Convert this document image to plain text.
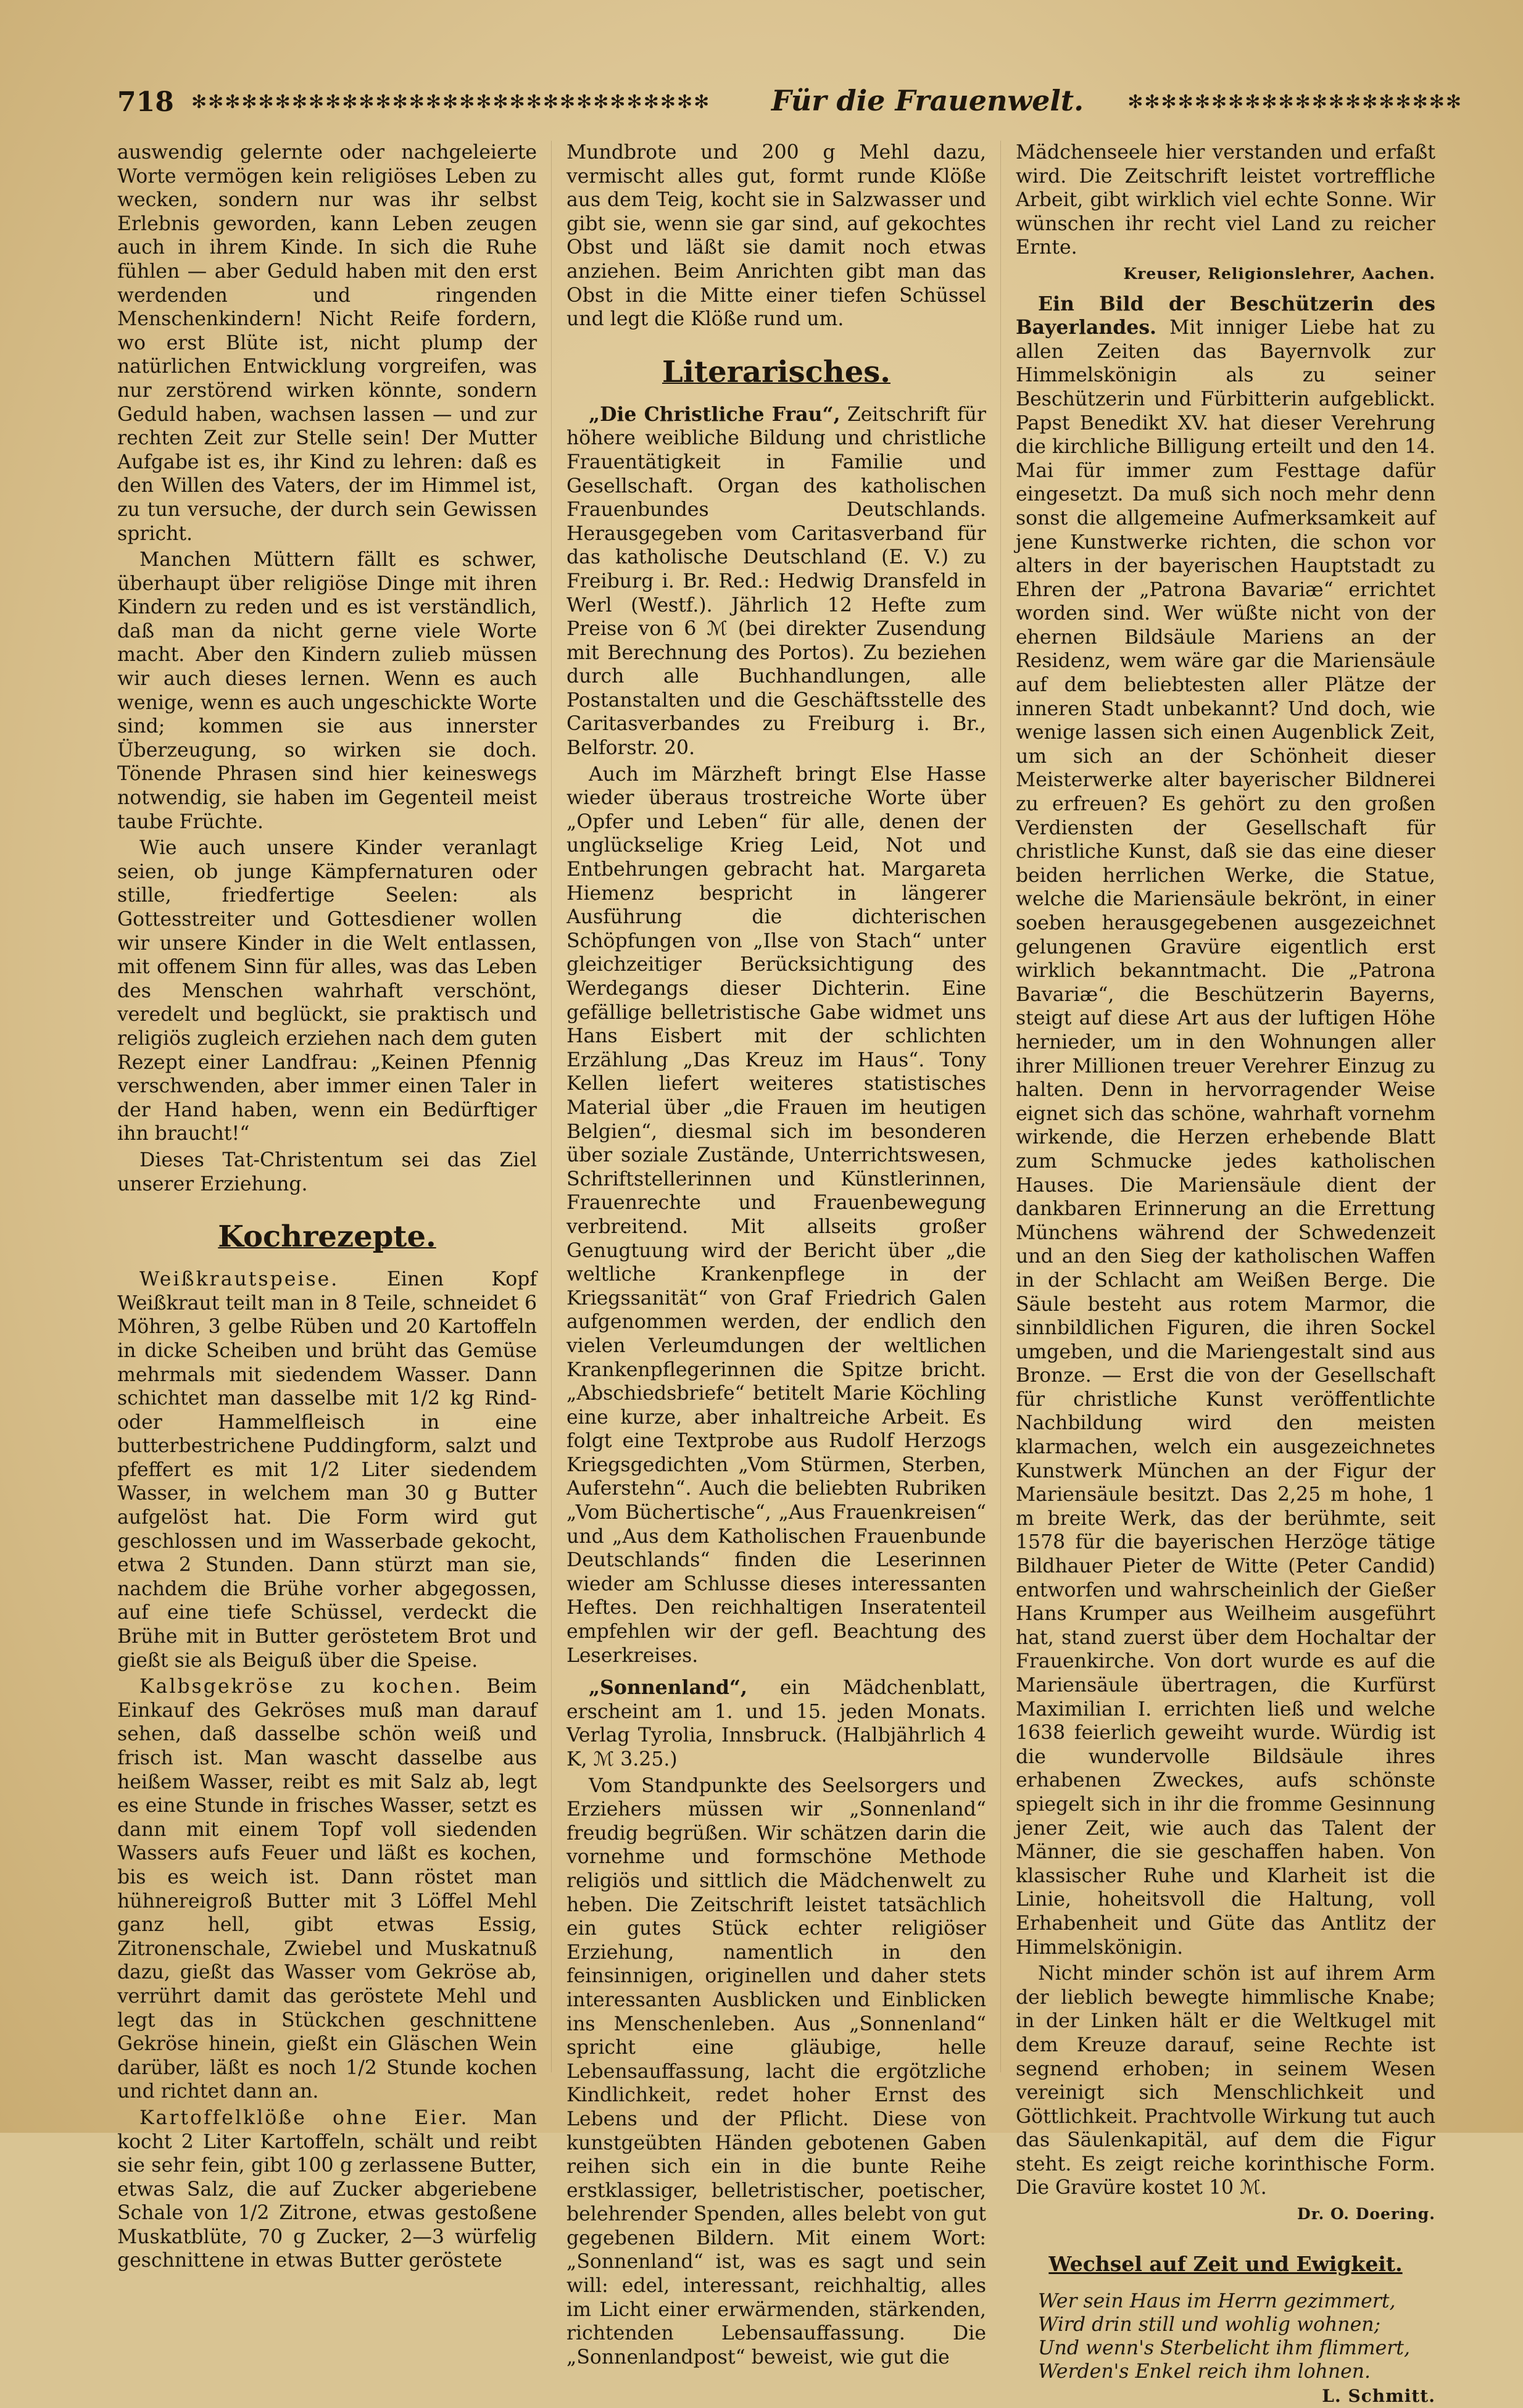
718 ✻✻✻✻✻✻✻✻✻✻✻✻✻✻✻✻✻✻✻✻✻✻✻✻✻✻✻✻✻✻✻	Für die Frauenwelt.	✻✻✻✻✻✻✻✻✻✻✻✻✻✻✻✻✻✻✻✻

auswendig gelernte oder nachgeleierte Worte vermögen kein religiöses Leben zu wecken, sondern nur was ihr selbst Erlebnis geworden, kann Leben zeugen auch in ihrem Kinde. In sich die Ruhe fühlen — aber Geduld haben mit den erst werdenden und ringenden Menschenkindern! Nicht Reife fordern, wo erst Blüte ist, nicht plump der natürlichen Entwicklung vorgreifen, was nur zerstörend wirken könnte, sondern Geduld haben, wachsen lassen — und zur rechten Zeit zur Stelle sein! Der Mutter Aufgabe ist es, ihr Kind zu lehren: daß es den Willen des Vaters, der im Himmel ist, zu tun versuche, der durch sein Gewissen spricht.

Manchen Müttern fällt es schwer, überhaupt über religiöse Dinge mit ihren Kindern zu reden und es ist verständlich, daß man da nicht gerne viele Worte macht. Aber den Kindern zulieb müssen wir auch dieses lernen. Wenn es auch wenige, wenn es auch ungeschickte Worte sind; kommen sie aus innerster Überzeugung, so wirken sie doch. Tönende Phrasen sind hier keineswegs notwendig, sie haben im Gegenteil meist taube Früchte.

Wie auch unsere Kinder veranlagt seien, ob junge Kämpfernaturen oder stille, friedfertige Seelen: als Gottesstreiter und Gottesdiener wollen wir unsere Kinder in die Welt entlassen, mit offenem Sinn für alles, was das Leben des Menschen wahrhaft verschönt, veredelt und beglückt, sie praktisch und religiös zugleich erziehen nach dem guten Rezept einer Landfrau: „Keinen Pfennig verschwenden, aber immer einen Taler in der Hand haben, wenn ein Bedürftiger ihn braucht!“

Dieses Tat-Christentum sei das Ziel unserer Erziehung.

Kochrezepte.

Weißkrautspeise. Einen Kopf Weißkraut teilt man in 8 Teile, schneidet 6 Möhren, 3 gelbe Rüben und 20 Kartoffeln in dicke Scheiben und brüht das Gemüse mehrmals mit siedendem Wasser. Dann schichtet man dasselbe mit 1/2 kg Rind- oder Hammelfleisch in eine butterbestrichene Puddingform, salzt und pfeffert es mit 1/2 Liter siedendem Wasser, in welchem man 30 g Butter aufgelöst hat. Die Form wird gut geschlossen und im Wasserbade gekocht, etwa 2 Stunden. Dann stürzt man sie, nachdem die Brühe vorher abgegossen, auf eine tiefe Schüssel, verdeckt die Brühe mit in Butter geröstetem Brot und gießt sie als Beiguß über die Speise.

Kalbsgekröse zu kochen. Beim Einkauf des Gekröses muß man darauf sehen, daß dasselbe schön weiß und frisch ist. Man wascht dasselbe aus heißem Wasser, reibt es mit Salz ab, legt es eine Stunde in frisches Wasser, setzt es dann mit einem Topf voll siedenden Wassers aufs Feuer und läßt es kochen, bis es weich ist. Dann röstet man hühnereigroß Butter mit 3 Löffel Mehl ganz hell, gibt etwas Essig, Zitronenschale, Zwiebel und Muskatnuß dazu, gießt das Wasser vom Gekröse ab, verrührt damit das geröstete Mehl und legt das in Stückchen geschnittene Gekröse hinein, gießt ein Gläschen Wein darüber, läßt es noch 1/2 Stunde kochen und richtet dann an.

Kartoffelklöße ohne Eier. Man kocht 2 Liter Kartoffeln, schält und reibt sie sehr fein, gibt 100 g zerlassene Butter, etwas Salz, die auf Zucker abgeriebene Schale von 1/2 Zitrone, etwas gestoßene Muskatblüte, 70 g Zucker, 2—3 würfelig geschnittene in etwas Butter geröstete

Mundbrote und 200 g Mehl dazu, vermischt alles gut, formt runde Klöße aus dem Teig, kocht sie in Salzwasser und gibt sie, wenn sie gar sind, auf gekochtes Obst und läßt sie damit noch etwas anziehen. Beim Anrichten gibt man das Obst in die Mitte einer tiefen Schüssel und legt die Klöße rund um.

Literarisches.

„Die Christliche Frau“, Zeitschrift für höhere weibliche Bildung und christliche Frauentätigkeit in Familie und Gesellschaft. Organ des katholischen Frauenbundes Deutschlands. Herausgegeben vom Caritasverband für das katholische Deutschland (E. V.) zu Freiburg i. Br. Red.: Hedwig Dransfeld in Werl (Westf.). Jährlich 12 Hefte zum Preise von 6 ℳ (bei direkter Zusendung mit Berechnung des Portos). Zu beziehen durch alle Buchhandlungen, alle Postanstalten und die Geschäftsstelle des Caritasverbandes zu Freiburg i. Br., Belforstr. 20.

Auch im Märzheft bringt Else Hasse wieder überaus trostreiche Worte über „Opfer und Leben“ für alle, denen der unglückselige Krieg Leid, Not und Entbehrungen gebracht hat. Margareta Hiemenz bespricht in längerer Ausführung die dichterischen Schöpfungen von „Ilse von Stach“ unter gleichzeitiger Berücksichtigung des Werdegangs dieser Dichterin. Eine gefällige belletristische Gabe widmet uns Hans Eisbert mit der schlichten Erzählung „Das Kreuz im Haus“. Tony Kellen liefert weiteres statistisches Material über „die Frauen im heutigen Belgien“, diesmal sich im besonderen über soziale Zustände, Unterrichtswesen, Schriftstellerinnen und Künstlerinnen, Frauenrechte und Frauenbewegung verbreitend. Mit allseits großer Genugtuung wird der Bericht über „die weltliche Krankenpflege in der Kriegssanität“ von Graf Friedrich Galen aufgenommen werden, der endlich den vielen Verleumdungen der weltlichen Krankenpflegerinnen die Spitze bricht. „Abschiedsbriefe“ betitelt Marie Köchling eine kurze, aber inhaltreiche Arbeit. Es folgt eine Textprobe aus Rudolf Herzogs Kriegsgedichten „Vom Stürmen, Sterben, Auferstehn“. Auch die beliebten Rubriken „Vom Büchertische“, „Aus Frauenkreisen“ und „Aus dem Katholischen Frauenbunde Deutschlands“ finden die Leserinnen wieder am Schlusse dieses interessanten Heftes. Den reichhaltigen Inseratenteil empfehlen wir der gefl. Beachtung des Leserkreises.

„Sonnenland“, ein Mädchenblatt, erscheint am 1. und 15. jeden Monats. Verlag Tyrolia, Innsbruck. (Halbjährlich 4 K, ℳ 3.25.)

Vom Standpunkte des Seelsorgers und Erziehers müssen wir „Sonnenland“ freudig begrüßen. Wir schätzen darin die vornehme und formschöne Methode religiös und sittlich die Mädchenwelt zu heben. Die Zeitschrift leistet tatsächlich ein gutes Stück echter religiöser Erziehung, namentlich in den feinsinnigen, originellen und daher stets interessanten Ausblicken und Einblicken ins Menschenleben. Aus „Sonnenland“ spricht eine gläubige, helle Lebensauffassung, lacht die ergötzliche Kindlichkeit, redet hoher Ernst des Lebens und der Pflicht. Diese von kunstgeübten Händen gebotenen Gaben reihen sich ein in die bunte Reihe erstklassiger, belletristischer, poetischer, belehrender Spenden, alles belebt von gut gegebenen Bildern. Mit einem Wort: „Sonnenland“ ist, was es sagt und sein will: edel, interessant, reichhaltig, alles im Licht einer erwärmenden, stärkenden, richtenden Lebensauffassung. Die „Sonnenlandpost“ beweist, wie gut die

Mädchenseele hier verstanden und erfaßt wird. Die Zeitschrift leistet vortreffliche Arbeit, gibt wirklich viel echte Sonne. Wir wünschen ihr recht viel Land zu reicher Ernte.

Kreuser, Religionslehrer, Aachen.

Ein Bild der Beschützerin des Bayerlandes. Mit inniger Liebe hat zu allen Zeiten das Bayernvolk zur Himmelskönigin als zu seiner Beschützerin und Fürbitterin aufgeblickt. Papst Benedikt XV. hat dieser Verehrung die kirchliche Billigung erteilt und den 14. Mai für immer zum Festtage dafür eingesetzt. Da muß sich noch mehr denn sonst die allgemeine Aufmerksamkeit auf jene Kunstwerke richten, die schon vor alters in der bayerischen Hauptstadt zu Ehren der „Patrona Bavariæ“ errichtet worden sind. Wer wüßte nicht von der ehernen Bildsäule Mariens an der Residenz, wem wäre gar die Mariensäule auf dem beliebtesten aller Plätze der inneren Stadt unbekannt? Und doch, wie wenige lassen sich einen Augenblick Zeit, um sich an der Schönheit dieser Meisterwerke alter bayerischer Bildnerei zu erfreuen? Es gehört zu den großen Verdiensten der Gesellschaft für christliche Kunst, daß sie das eine dieser beiden herrlichen Werke, die Statue, welche die Mariensäule bekrönt, in einer soeben herausgegebenen ausgezeichnet gelungenen Gravüre eigentlich erst wirklich bekanntmacht. Die „Patrona Bavariæ“, die Beschützerin Bayerns, steigt auf diese Art aus der luftigen Höhe hernieder, um in den Wohnungen aller ihrer Millionen treuer Verehrer Einzug zu halten. Denn in hervorragender Weise eignet sich das schöne, wahrhaft vornehm wirkende, die Herzen erhebende Blatt zum Schmucke jedes katholischen Hauses. Die Mariensäule dient der dankbaren Erinnerung an die Errettung Münchens während der Schwedenzeit und an den Sieg der katholischen Waffen in der Schlacht am Weißen Berge. Die Säule besteht aus rotem Marmor, die sinnbildlichen Figuren, die ihren Sockel umgeben, und die Mariengestalt sind aus Bronze. — Erst die von der Gesellschaft für christliche Kunst veröffentlichte Nachbildung wird den meisten klarmachen, welch ein ausgezeichnetes Kunstwerk München an der Figur der Mariensäule besitzt. Das 2,25 m hohe, 1 m breite Werk, das der berühmte, seit 1578 für die bayerischen Herzöge tätige Bildhauer Pieter de Witte (Peter Candid) entworfen und wahrscheinlich der Gießer Hans Krumper aus Weilheim ausgeführt hat, stand zuerst über dem Hochaltar der Frauenkirche. Von dort wurde es auf die Mariensäule übertragen, die Kurfürst Maximilian I. errichten ließ und welche 1638 feierlich geweiht wurde. Würdig ist die wundervolle Bildsäule ihres erhabenen Zweckes, aufs schönste spiegelt sich in ihr die fromme Gesinnung jener Zeit, wie auch das Talent der Männer, die sie geschaffen haben. Von klassischer Ruhe und Klarheit ist die Linie, hoheitsvoll die Haltung, voll Erhabenheit und Güte das Antlitz der Himmelskönigin.

Nicht minder schön ist auf ihrem Arm der lieblich bewegte himmlische Knabe; in der Linken hält er die Weltkugel mit dem Kreuze darauf, seine Rechte ist segnend erhoben; in seinem Wesen vereinigt sich Menschlichkeit und Göttlichkeit. Prachtvolle Wirkung tut auch das Säulenkapitäl, auf dem die Figur steht. Es zeigt reiche korinthische Form. Die Gravüre kostet 10 ℳ.

Dr. O. Doering.
Wechsel auf Zeit und Ewigkeit.
Wer sein Haus im Herrn gezimmert,
Wird drin still und wohlig wohnen;
Und wenn's Sterbelicht ihm flimmert,
Werden's Enkel reich ihm lohnen.
L. Schmitt.
